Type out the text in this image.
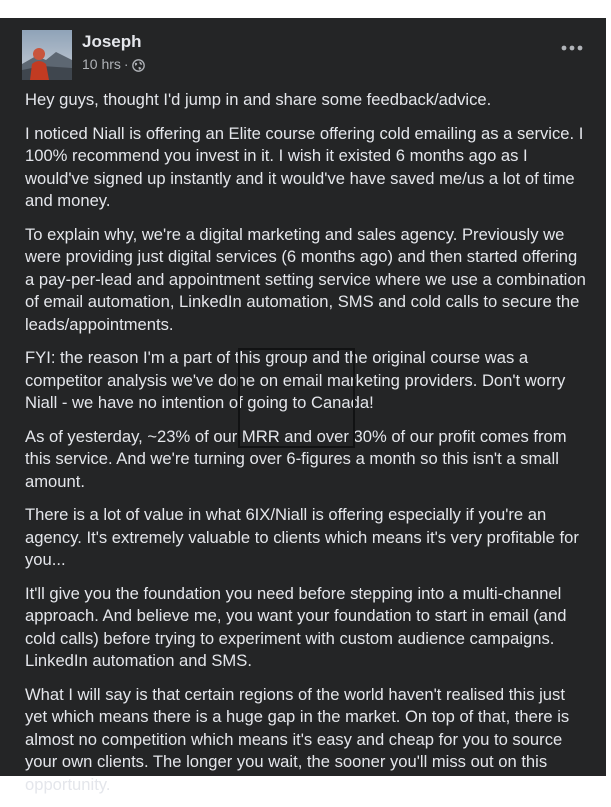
Joseph
10 hrs ·

Hey guys, thought I'd jump in and share some feedback/advice.

I noticed Niall is offering an Elite course offering cold emailing as a service. I 100% recommend you invest in it. I wish it existed 6 months ago as I would've signed up instantly and it would've have saved me/us a lot of time and money.

To explain why, we're a digital marketing and sales agency. Previously we were providing just digital services (6 months ago) and then started offering a pay-per-lead and appointment setting service where we use a combination of email automation, LinkedIn automation, SMS and cold calls to secure the leads/appointments.

FYI: the reason I'm a part of this group and the original course was a competitor analysis we've done on email marketing providers. Don't worry Niall - we have no intention of going to Canada!

As of yesterday, ~23% of our MRR and over 30% of our profit comes from this service. And we're turning over 6-figures a month so this isn't a small amount.

There is a lot of value in what 6IX/Niall is offering especially if you're an agency. It's extremely valuable to clients which means it's very profitable for you...

It'll give you the foundation you need before stepping into a multi-channel approach. And believe me, you want your foundation to start in email (and cold calls) before trying to experiment with custom audience campaigns. LinkedIn automation and SMS.

What I will say is that certain regions of the world haven't realised this just yet which means there is a huge gap in the market. On top of that, there is almost no competition which means it's easy and cheap for you to source your own clients. The longer you wait, the sooner you'll miss out on this opportunity.
